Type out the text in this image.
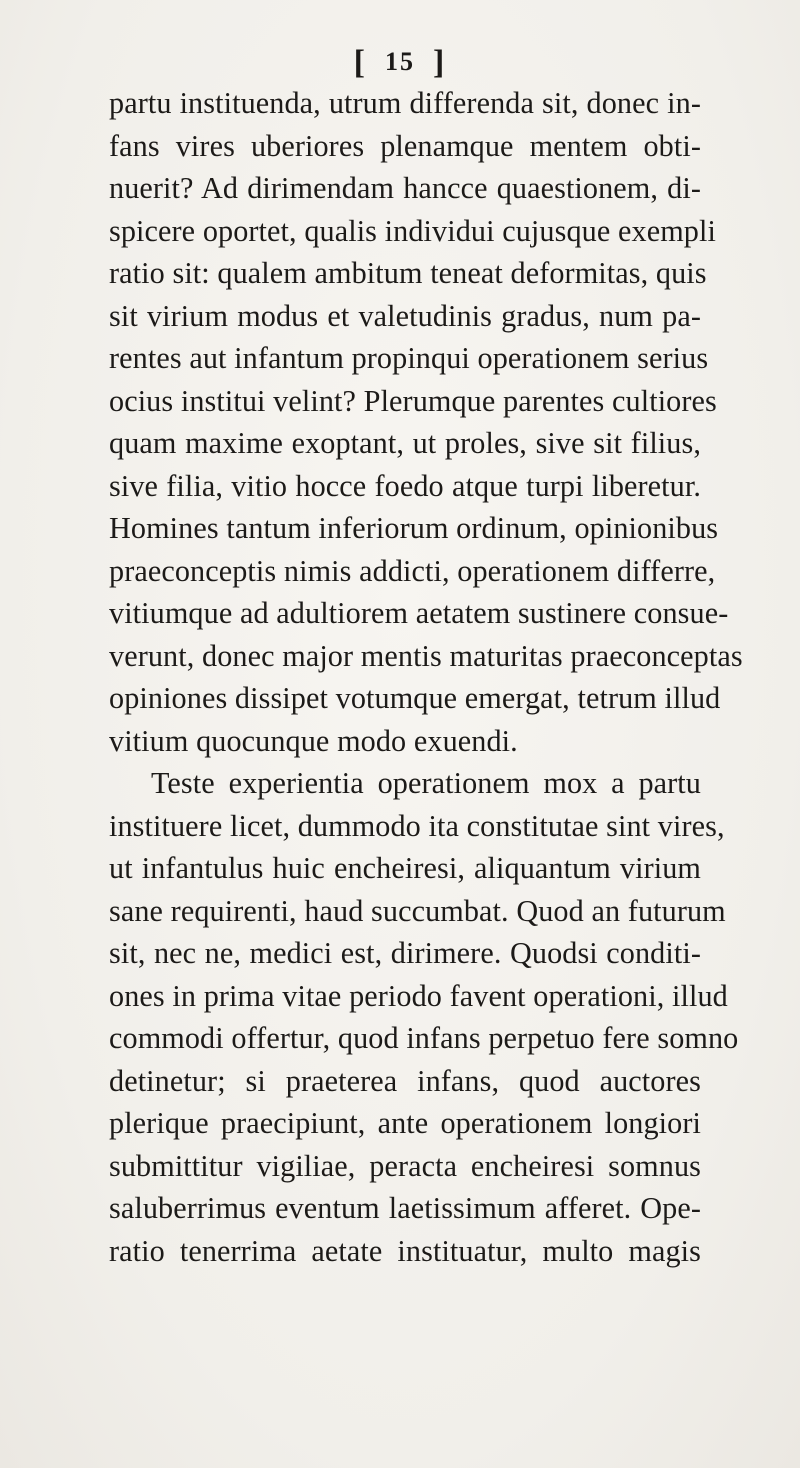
[ 15 ]
partu instituenda, utrum differenda sit, donec in-
fans vires uberiores plenamque mentem obti-
nuerit? Ad dirimendam hancce quaestionem, di-
spicere oportet, qualis individui cujusque exempli
ratio sit: qualem ambitum teneat deformitas, quis
sit virium modus et valetudinis gradus, num pa-
rentes aut infantum propinqui operationem serius
ocius institui velint? Plerumque parentes cultiores
quam maxime exoptant, ut proles, sive sit filius,
sive filia, vitio hocce foedo atque turpi liberetur.
Homines tantum inferiorum ordinum, opinionibus
praeconceptis nimis addicti, operationem differre,
vitiumque ad adultiorem aetatem sustinere consue-
verunt, donec major mentis maturitas praeconceptas
opiniones dissipet votumque emergat, tetrum illud
vitium quocunque modo exuendi.
Teste experientia operationem mox a partu
instituere licet, dummodo ita constitutae sint vires,
ut infantulus huic encheiresi, aliquantum virium
sane requirenti, haud succumbat. Quod an futurum
sit, nec ne, medici est, dirimere. Quodsi conditi-
ones in prima vitae periodo favent operationi, illud
commodi offertur, quod infans perpetuo fere somno
detinetur; si praeterea infans, quod auctores
plerique praecipiunt, ante operationem longiori
submittitur vigiliae, peracta encheiresi somnus
saluberrimus eventum laetissimum afferet. Ope-
ratio tenerrima aetate instituatur, multo magis
